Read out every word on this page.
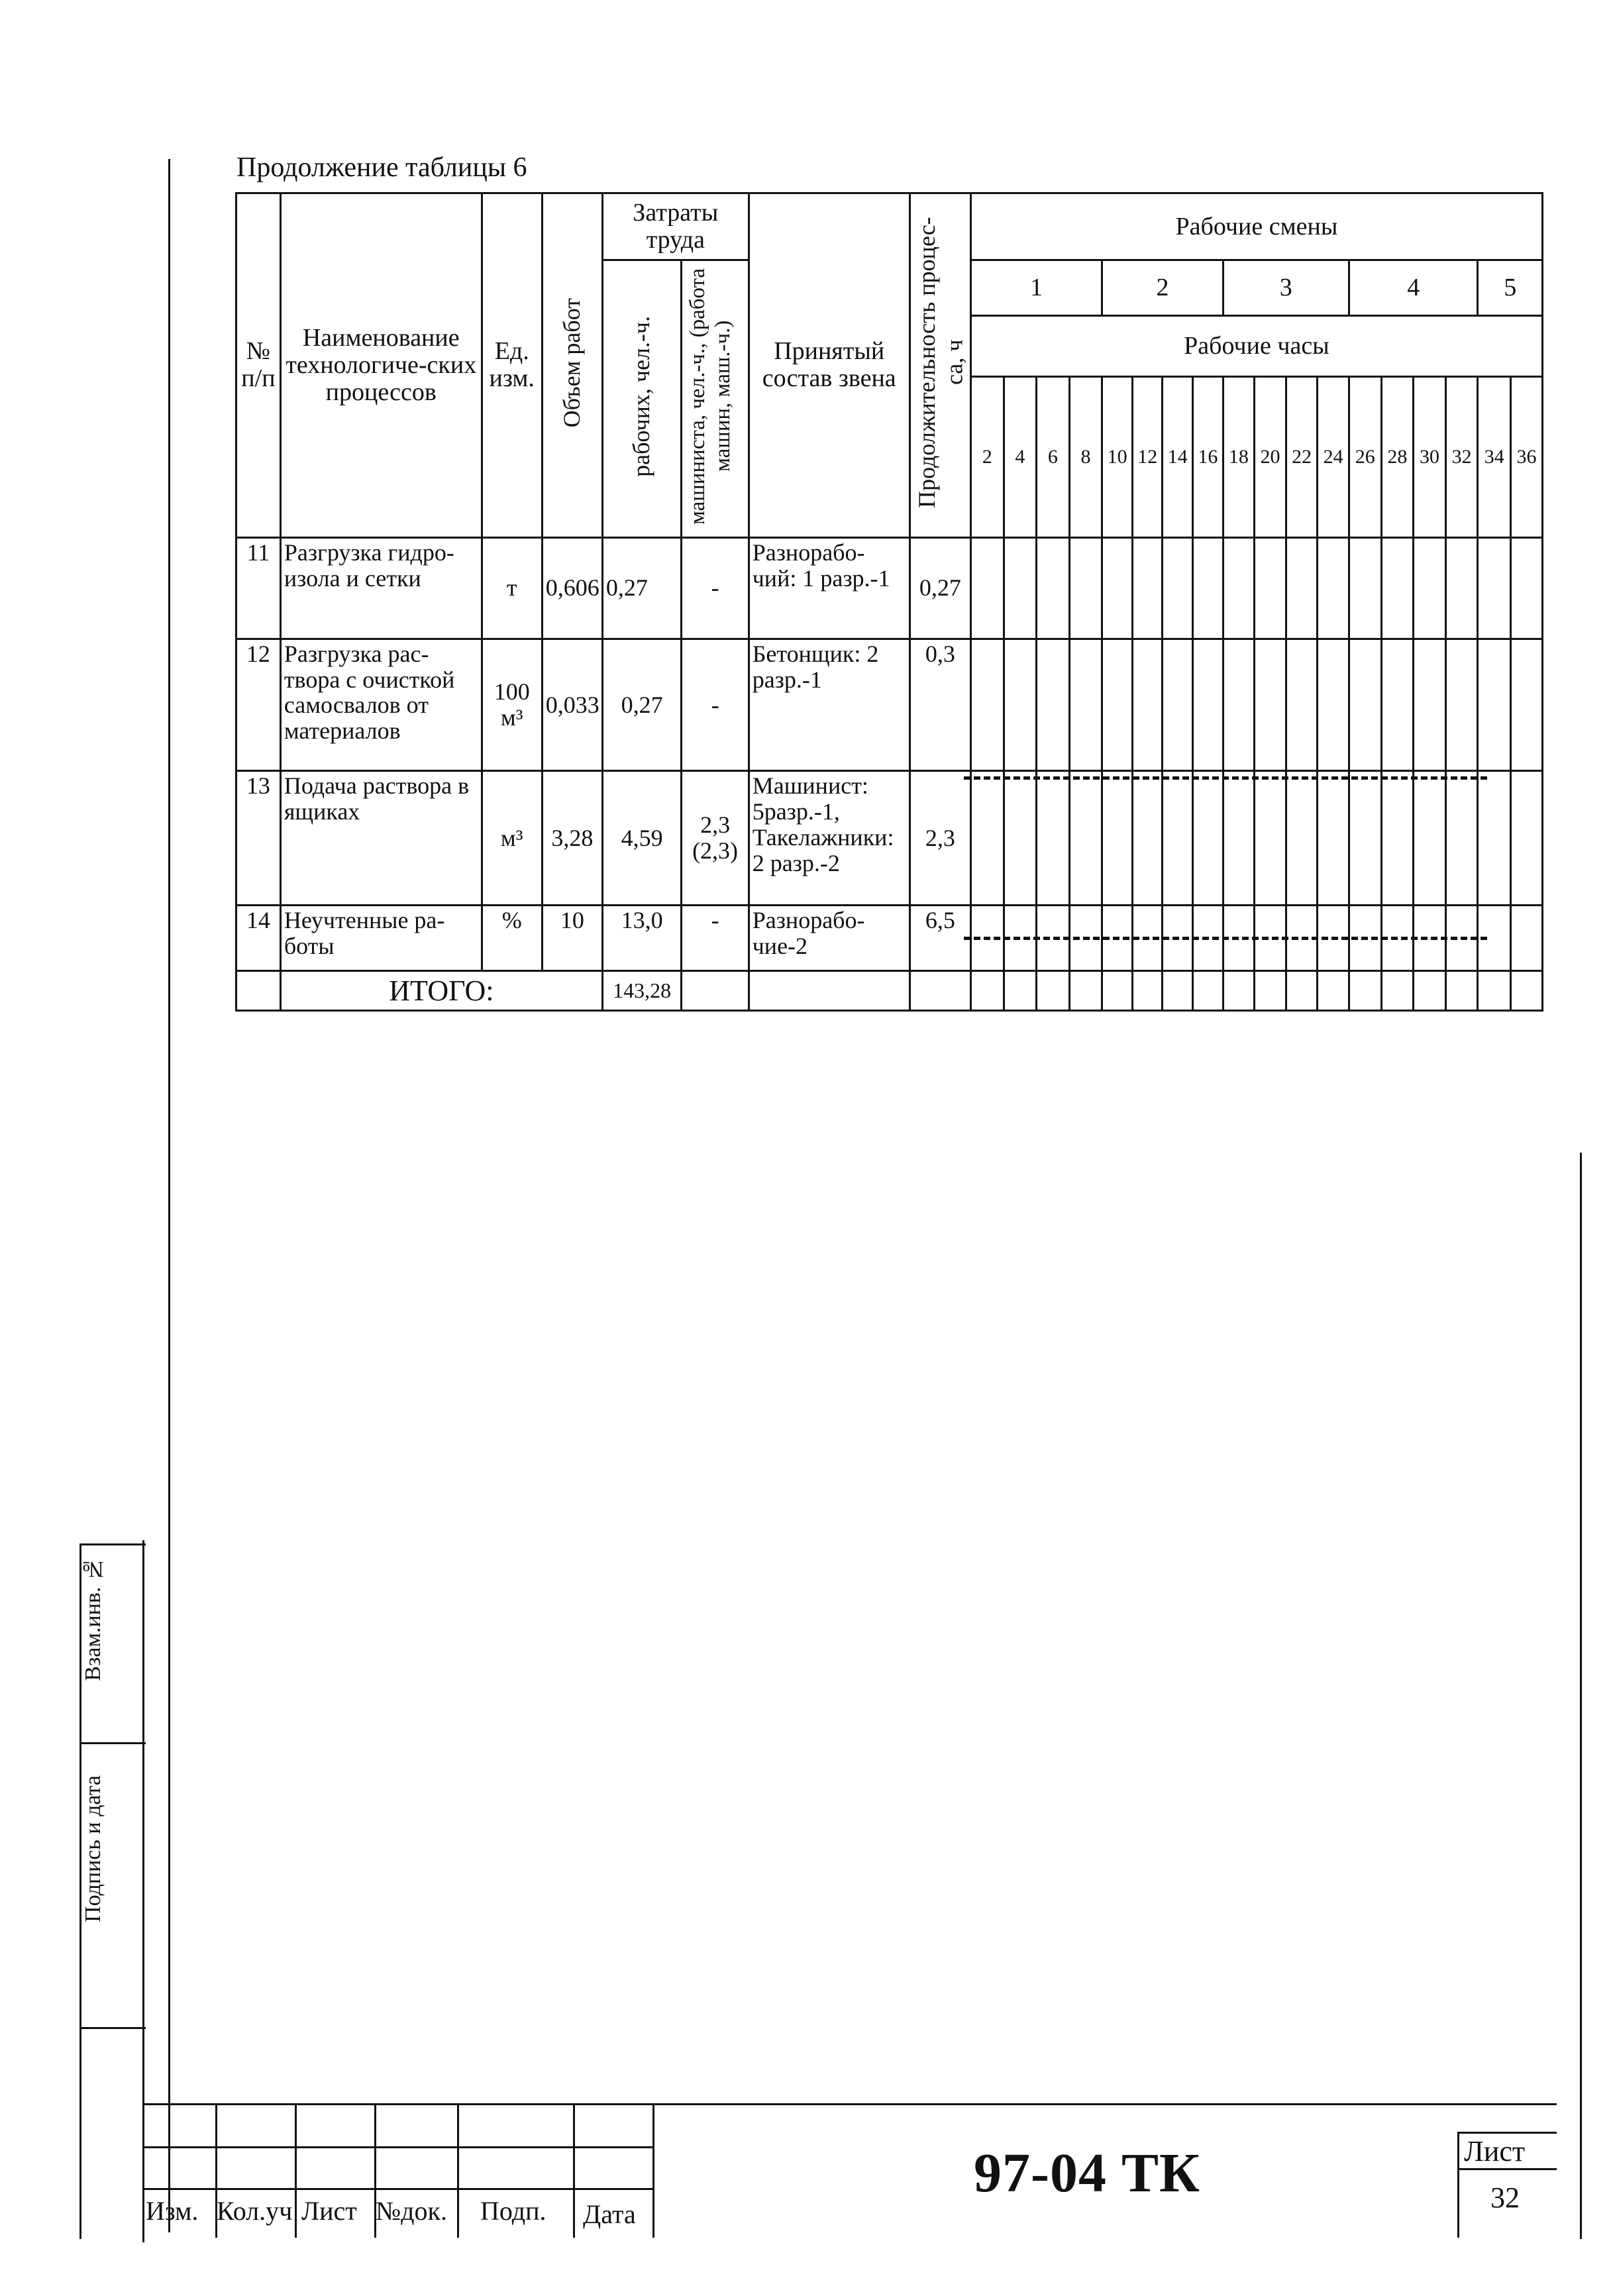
Продолжение таблицы 6
№ п/п	Наименование технологиче-ских процессов	Ед. изм.	Объем работ	Затраты труда		Принятый состав звена	Продолжительность процес-са, ч	Рабочие смены																	
				рабочих, чел.-ч.	машиниста, чел.-ч., (работа машин, маш.-ч.)			1				2				3				4				5	
								Рабочие часы																	
								2	4	6	8	10	12	14	16	18	20	22	24	26	28	30	32	34	36
11	Разгрузка гидро-изола и сетки	т	0,606	0,27	-	Разнорабо-чий: 1 разр.-1	0,27																		
12	Разгрузка рас-твора с очисткой самосвалов от материалов	100 м³	0,033	0,27	-	Бетонщик: 2 разр.-1	0,3																		
13	Подача раствора в ящиках	м³	3,28	4,59	2,3 (2,3)	Машинист: 5разр.-1, Такелажники: 2 разр.-2	2,3																		
14	Неучтенные ра-боты	%	10	13,0	-	Разнорабо-чие-2	6,5																		
	ИТОГО:			143,28																					
Взам.инв. №
Подпись и дата
Изм. Кол.уч Лист №док. Подп. Дата
Лист
32
97-04 ТК
